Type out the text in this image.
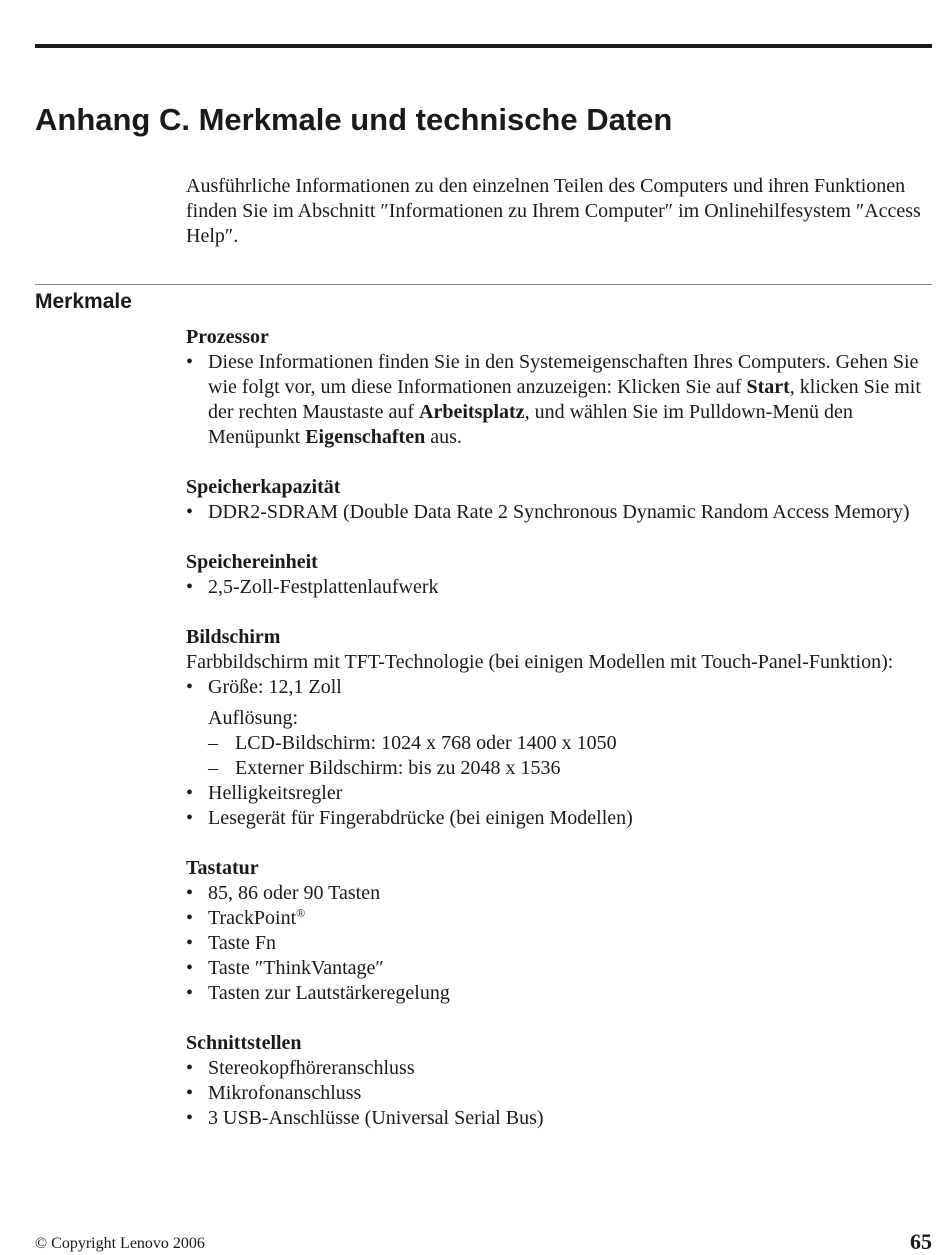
Anhang C. Merkmale und technische Daten

Ausführliche Informationen zu den einzelnen Teilen des Computers und ihren Funktionen finden Sie im Abschnitt ″Informationen zu Ihrem Computer″ im Onlinehilfesystem ″Access Help″.

Merkmale

Prozessor

• Diese Informationen finden Sie in den Systemeigenschaften Ihres Computers. Gehen Sie wie folgt vor, um diese Informationen anzuzeigen: Klicken Sie auf Start, klicken Sie mit der rechten Maustaste auf Arbeitsplatz, und wählen Sie im Pulldown-Menü den Menüpunkt Eigenschaften aus.

Speicherkapazität

• DDR2-SDRAM (Double Data Rate 2 Synchronous Dynamic Random Access Memory)

Speichereinheit

• 2,5-Zoll-Festplattenlaufwerk

Bildschirm

Farbbildschirm mit TFT-Technologie (bei einigen Modellen mit Touch-Panel-Funktion):

• Größe: 12,1 Zoll
Auflösung:
– LCD-Bildschirm: 1024 x 768 oder 1400 x 1050
– Externer Bildschirm: bis zu 2048 x 1536
• Helligkeitsregler
• Lesegerät für Fingerabdrücke (bei einigen Modellen)

Tastatur

• 85, 86 oder 90 Tasten
• TrackPoint®
• Taste Fn
• Taste ″ThinkVantage″
• Tasten zur Lautstärkeregelung

Schnittstellen

• Stereokopfhöreranschluss
• Mikrofonanschluss
• 3 USB-Anschlüsse (Universal Serial Bus)
© Copyright Lenovo 2006	65
